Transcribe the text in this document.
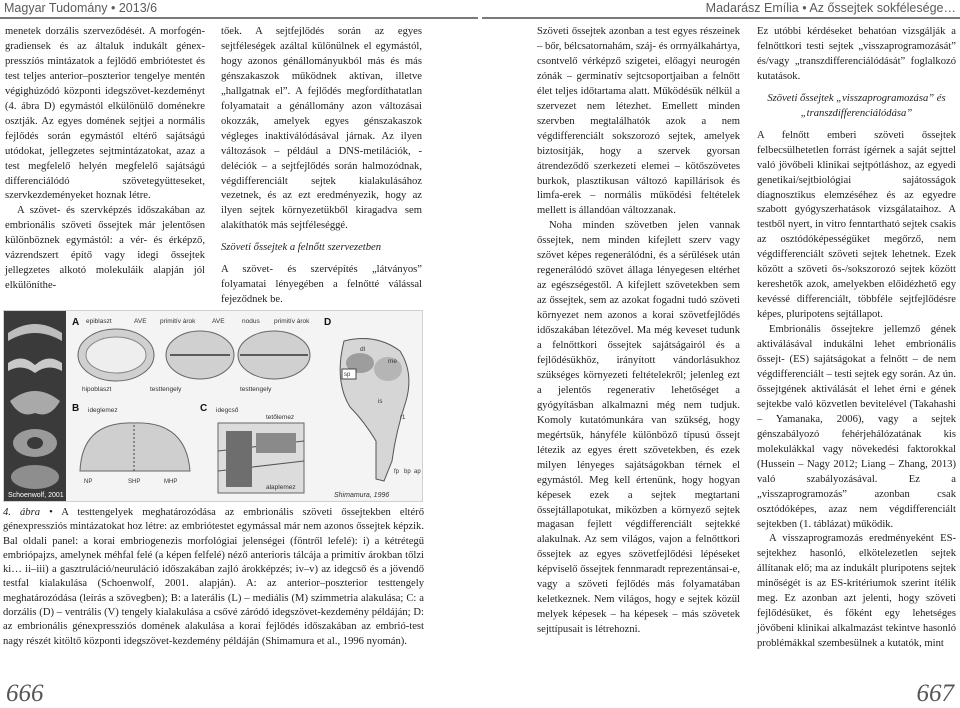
Magyar Tudomány • 2013/6	Madarász Emília • Az őssejtek sokfélesége…

menetek dorzális szerveződését. A morfogén-gradiensek és az általuk indukált génex-presszíós mintázatok a fejlődő embriótestet és test teljes anterior–poszterior tengelye mentén végighúzódó központi idegszövet-kezdeményt (4. ábra D) egymástól elkülönülő doménekre osztják. Az egyes domének sejtjei a normális fejlődés során egymástól eltérő sajátságú utódokat, jellegzetes sejtmintázatokat, azaz a test megfelelő helyén megfelelő sajátságú differenciálódó szövetegyütteseket, szervkezdeményeket hoznak létre.

A szövet- és szervképzés időszakában az embrionális szöveti őssejtek már jelentősen különböznek egymástól: a vér- és érképző, vázrendszert építő vagy idegi őssejtek jellegzetes alkotó molekuláik alapján jól elkülöníthe-

tőek. A sejtfejlődés során az egyes sejtféleségek azáltal különülnek el egymástól, hogy azonos génállományukból más és más génszakaszok működnek aktívan, illetve „hallgatnak el”. A fejlődés megfordíthatatlan folyamatait a génállomány azon változásai okozzák, amelyek egyes génszakaszok végleges inaktiválódásával járnak. Az ilyen változások – például a DNS-metilációk, -deléciók – a sejtfejlődés során halmozódnak, végdifferenciált sejtek kialakulásához vezetnek, és az ezt eredményezik, hogy az ilyen sejtek környezetükből kiragadva sem alakíthatók más sejtféleséggé.

Szöveti őssejtek a felnőtt szervezetben

A szövet- és szervépítés „látványos” folyamatai lényegében a felnőtté válással fejeződnek be.

Schoenwolf, 2001
A epiblaszt	AVE primitív árok	AVE	nodus primitív árok
hipoblaszt	testtengely	testtengely
B ideglemez
NP	SHP	MHP
C idegcső
tetőlemez
alaplemez
D
dl
me
sp
is
r1
fp bp ap
Shimamura, 1996
4. ábra • A testtengelyek meghatározódása az embrionális szöveti őssejtekben eltérő génexpressziós mintázatokat hoz létre: az embriótestet egymással már nem azonos őssejtek képzik. Bal oldali panel: a korai embriogenezis morfológiai jelenségei (föntről lefelé): i) a kétrétegű embriópajzs, amelynek méhfal felé (a képen felfelé) néző anterioris tálcája a primitív árokban tőlzi ki… ii–iii) a gasztruláció/neuruláció időszakában zajló árokképzés; iv–v) az idegcső és a jövendő testfal kialakulása (Schoenwolf, 2001. alapján). A: az anterior–poszterior testtengely meghatározódása (leírás a szövegben); B: a laterális (L) – mediális (M) szimmetria alakulása; C: a dorzális (D) – ventrális (V) tengely kialakulása a csővé záródó idegszövet-kezdemény példáján; D: az embrionális génexpressziós domének alakulása a korai fejlődés időszakában az embrió-test nagy részét kitöltő központi idegszövet-kezdemény példáján (Shimamura et al., 1996 nyomán).
666

Szöveti őssejtek azonban a test egyes részeinek – bőr, bélcsatornahám, száj- és orrnyálkahártya, csontvelő vérképző szigetei, előagyi neurogén zónák – germinatív sejtcsoportjaiban a felnőtt élet teljes időtartama alatt. Működésük nélkül a szervezet nem létezhet. Emellett minden szervben megtalálhatók azok a nem végdifferenciált sokszorozó sejtek, amelyek biztosítják, hogy a szervek gyorsan átrendeződő szerkezeti elemei – kötőszövetes burkok, plasztikusan változó kapillárisok és limfa-erek – normális működési feltételek mellett is állandóan változzanak.

Noha minden szövetben jelen vannak őssejtek, nem minden kifejlett szerv vagy szövet képes regenerálódni, és a sérülések után regenerálódó szövet állaga lényegesen eltérhet az egészségestől. A kifejlett szövetekben sem az őssejtek, sem az azokat fogadni tudó szöveti környezet nem azonos a korai szövetfejlődés időszakában létezővel. Ma még keveset tudunk a felnőttkori őssejtek sajátságairól és a fejlődésükhöz, irányított vándorlásukhoz szükséges környezeti feltételekről; jelenleg ezt a jelentős regenerativ lehetőséget a gyógyításban alkalmazni még nem tudjuk. Komoly kutatómunkára van szükség, hogy megértsük, hányféle különböző típusú őssejt létezik az egyes érett szövetekben, és ezek milyen lényeges sajátságokban térnek el egymástól. Meg kell értenünk, hogy hogyan képesek ezek a sejtek megtartani őssejtállapotukat, miközben a környező sejtek magasan fejlett végdifferenciált sejtekké alakulnak. Az sem világos, vajon a felnőttkori őssejtek az egyes szövetfejlődési lépéseket képviselő őssejtek fennmaradt reprezentánsai-e, vagy a szöveti fejlődés más folyamatában keletkeznek. Nem világos, hogy e sejtek közül melyek képesek – ha képesek – más szövetek sejttípusait is létrehozni.

Ez utóbbi kérdéseket behatóan vizsgálják a felnőttkori testi sejtek „visszaprogramozását” és/vagy „transzdifferenciálódását” foglalkozó kutatások.

Szöveti őssejtek „visszaprogramozása” és „transzdifferenciálódása”

A felnőtt emberi szöveti őssejtek felbecsülhetetlen forrást ígérnek a saját sejttel való jövőbeli klinikai sejtpótláshoz, az egyedi genetikai/sejtbiológiai sajátosságok diagnosztikus elemzéséhez és az egyedre szabott gyógyszerhatások vizsgálataihoz. A testből nyert, in vitro fenntartható sejtek csakis az osztódóképességüket megőrző, nem végdifferenciált szöveti sejtek lehetnek. Ezek között a szöveti ős-/sokszorozó sejtek között kereshetők azok, amelyekben előidézhető egy kevéssé differenciált, többféle sejtfejlődésre képes, pluripotens sejtállapot.

Embrionális őssejtekre jellemző gének aktiválásával indukálni lehet embrionális őssejt- (ES) sajátságokat a felnőtt – de nem végdifferenciált – testi sejtek egy során. Az ún. őssejtgének aktiválását el lehet érni e gének sejtekbe való közvetlen bevitelével (Takahashi – Yamanaka, 2006), vagy a sejtek génszabályozó fehérjehálózatának kis molekulákkal vagy növekedési faktorokkal (Hussein – Nagy 2012; Liang – Zhang, 2013) való szabályozásával. Ez a „visszaprogramozás” azonban csak osztódóképes, azaz nem végdifferenciált sejtekben (1. táblázat) működik.

A visszaprogramozás eredményeként ES-sejtekhez hasonló, elkötelezetlen sejtek állítanak elő; ma az indukált pluripotens sejtek minőségét is az ES-kritériumok szerint ítélik meg. Ez azonban azt jelenti, hogy szöveti fejlődésüket, és főként egy lehetséges jövőbeni klinikai alkalmazást tekintve hasonló problémákkal szembesülnek a kutatók, mint

667
